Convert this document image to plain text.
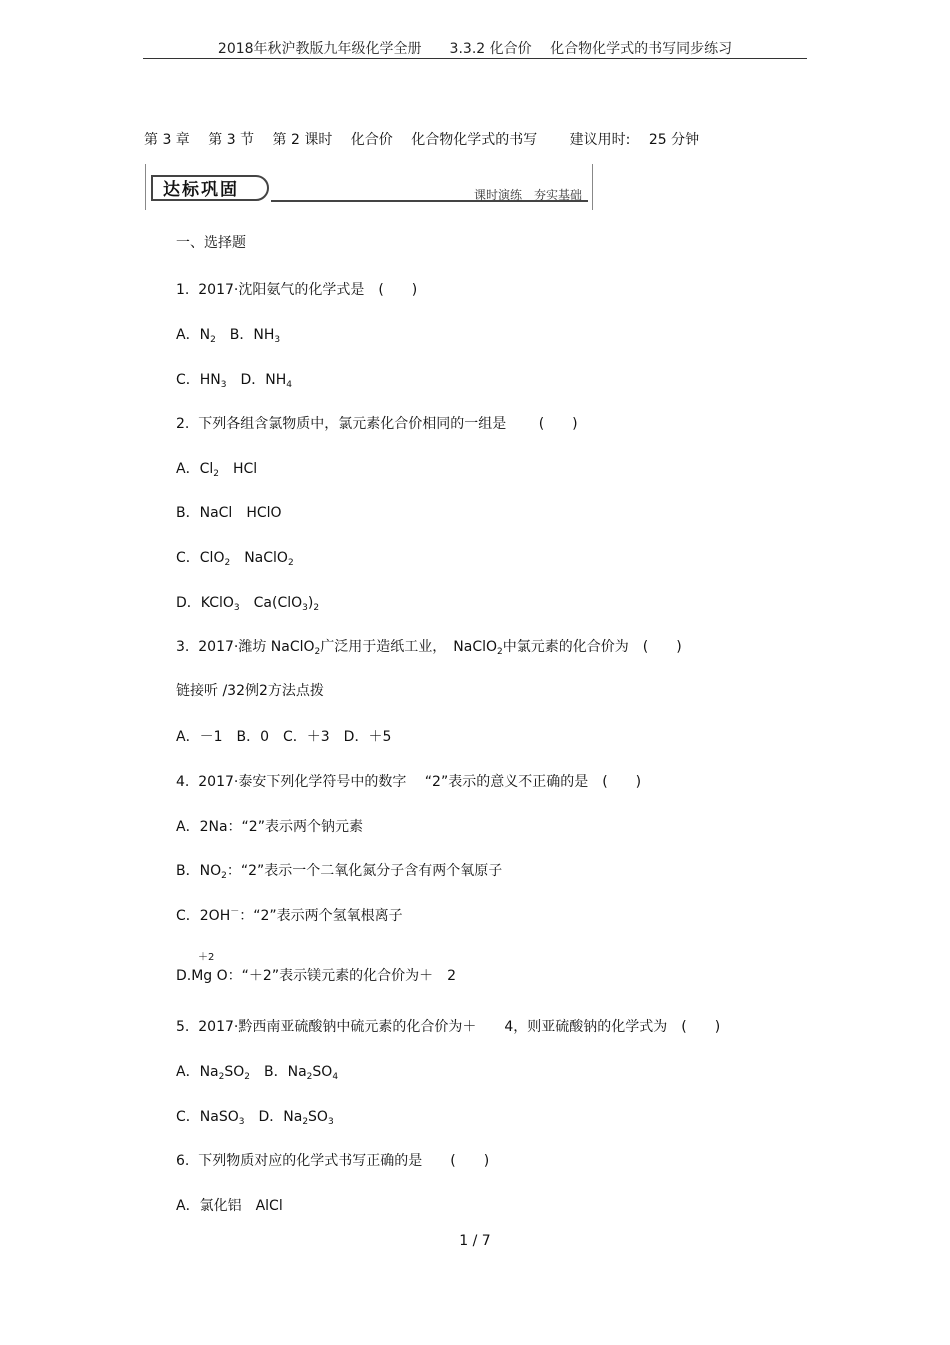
2018年秋沪教版九年级化学全册　　3.3.2 化合价　 化合物化学式的书写同步练习
第 3 章　 第 3 节　 第 2 课时　 化合价　 化合物化学式的书写　　 建议用时:　 25 分钟
达标巩固	课时演练　夯实基础
一、选择题
1.  2017·沈阳氨气的化学式是　(　　)
A．$N_2$　B．$NH_3$
C．$HN_3$　D．$NH_4$
2.  下列各组含氯物质中，氯元素化合价相同的一组是　　 (　　)
A．$Cl_2$　HCl
B．NaCl　HClO
C．ClO$_2$　NaClO$_2$
D．KClO$_3$　$Ca(ClO_3)_2$
3.  2017·潍坊 NaClO$_2$广泛用于造纸工业，　NaClO$_2$中氯元素的化合价为　(　　)
链接听 /32例2方法点拨
A．－1　B．0　C．＋3　D．＋5
4.  2017·泰安下列化学符号中的数字　 “2”表示的意义不正确的是　(　　)
A．2Na：“2”表示两个钠元素
B．$NO_2$：“2”表示一个二氧化氮分子含有两个氧原子
C．2OH－：“2”表示两个氢氧根离子
＋2
D.Mg O：“＋2”表示镁元素的化合价为＋　2
5.  2017·黔西南亚硫酸钠中硫元素的化合价为＋　　4，则亚硫酸钠的化学式为　(　　)
A．$Na_2SO_2$　B．$Na_2SO_4$
C．NaSO$_3$　D．$Na_2SO_3$
6.  下列物质对应的化学式书写正确的是　　(　　)
A．氯化铝　AlCl
1 / 7
